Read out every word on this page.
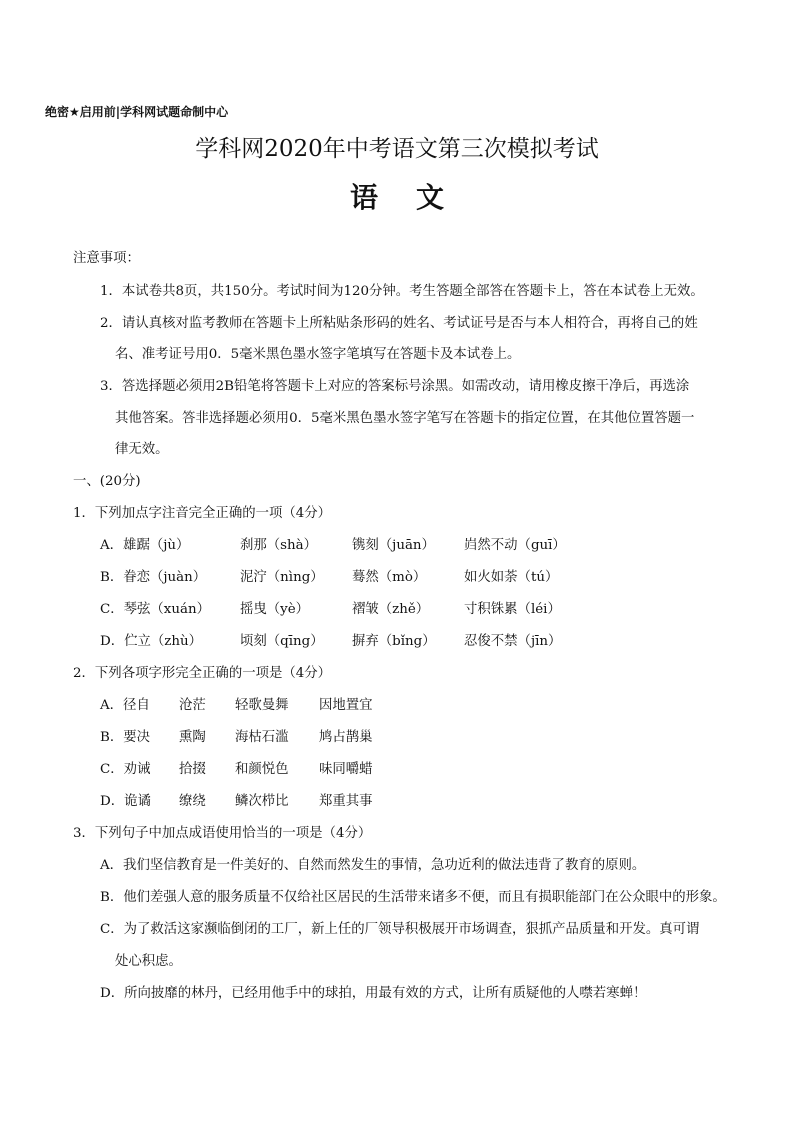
绝密★启用前|学科网试题命制中心
学科网2020年中考语文第三次模拟考试
语文
注意事项：
1．本试卷共8页，共150分。考试时间为120分钟。考生答题全部答在答题卡上，答在本试卷上无效。
2．请认真核对监考教师在答题卡上所粘贴条形码的姓名、考试证号是否与本人相符合，再将自己的姓
名、准考证号用0．5毫米黑色墨水签字笔填写在答题卡及本试卷上。
3．答选择题必须用2B铅笔将答题卡上对应的答案标号涂黑。如需改动，请用橡皮擦干净后，再选涂
其他答案。答非选择题必须用0．5毫米黑色墨水签字笔写在答题卡的指定位置，在其他位置答题一
律无效。
一、(20分)
1．下列加点字注音完全正确的一项（4分）
A．雄踞（jù）	刹那（shà）	镌刻（juān） 岿然不动（guī）
B．眷恋（juàn）	泥泞（nìng） 蓦然（mò）	如火如荼（tú）
C．琴弦（xuán） 摇曳（yè）	褶皱（zhě）	寸积铢累（léi）
D．伫立（zhù）	顷刻（qīng） 摒弃（bǐng） 忍俊不禁（jīn）
2．下列各项字形完全正确的一项是（4分）
A．径自 沧茫 轻歌曼舞 因地置宜
B．要决 熏陶 海枯石滥 鸠占鹊巢
C．劝诫 拾掇 和颜悦色 味同嚼蜡
D．诡谲 缭绕 鳞次栉比 郑重其事
3．下列句子中加点成语使用恰当的一项是（4分）
A．我们坚信教育是一件美好的、自然而然发生的事情，急功近利的做法违背了教育的原则。
B．他们差强人意的服务质量不仅给社区居民的生活带来诸多不便，而且有损职能部门在公众眼中的形象。
C．为了救活这家濒临倒闭的工厂，新上任的厂领导积极展开市场调查，狠抓产品质量和开发。真可谓
处心积虑。
D．所向披靡的林丹，已经用他手中的球拍，用最有效的方式，让所有质疑他的人噤若寒蝉！
